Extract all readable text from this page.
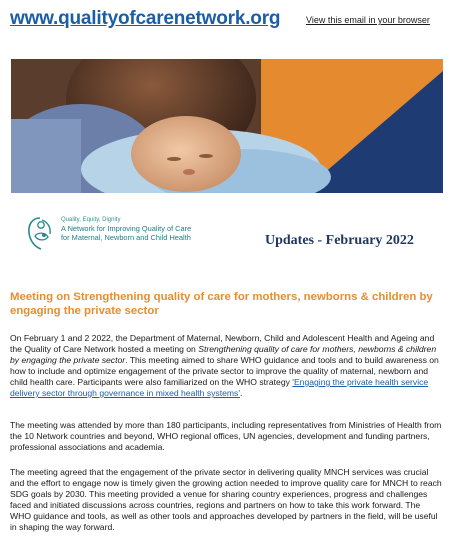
www.qualityofcarenetwork.org	View this email in your browser
Quality, Equity, Dignity
A Network for Improving Quality of Care
for Maternal, Newborn and Child Health	Updates - February 2022
Meeting on Strengthening quality of care for mothers, newborns & children by engaging the private sector

On February 1 and 2 2022, the Department of Maternal, Newborn, Child and Adolescent Health and Ageing and the Quality of Care Network hosted a meeting on Strengthening quality of care for mothers, newborns & children by engaging the private sector. This meeting aimed to share WHO guidance and tools and to build awareness on how to include and optimize engagement of the private sector to improve the quality of maternal, newborn and child health care. Participants were also familiarized on the WHO strategy 'Engaging the private health service delivery sector through governance in mixed health systems'.

The meeting was attended by more than 180 participants, including representatives from Ministries of Health from the 10 Network countries and beyond, WHO regional offices, UN agencies, development and funding partners, professional associations and academia.

The meeting agreed that the engagement of the private sector in delivering quality MNCH services was crucial and the effort to engage now is timely given the growing action needed to improve quality care for MNCH to reach SDG goals by 2030. This meeting provided a venue for sharing country experiences, progress and challenges faced and initiated discussions across countries, regions and partners on how to take this work forward. The WHO guidance and tools, as well as other tools and approaches developed by partners in the field, will be useful in shaping the way forward.
